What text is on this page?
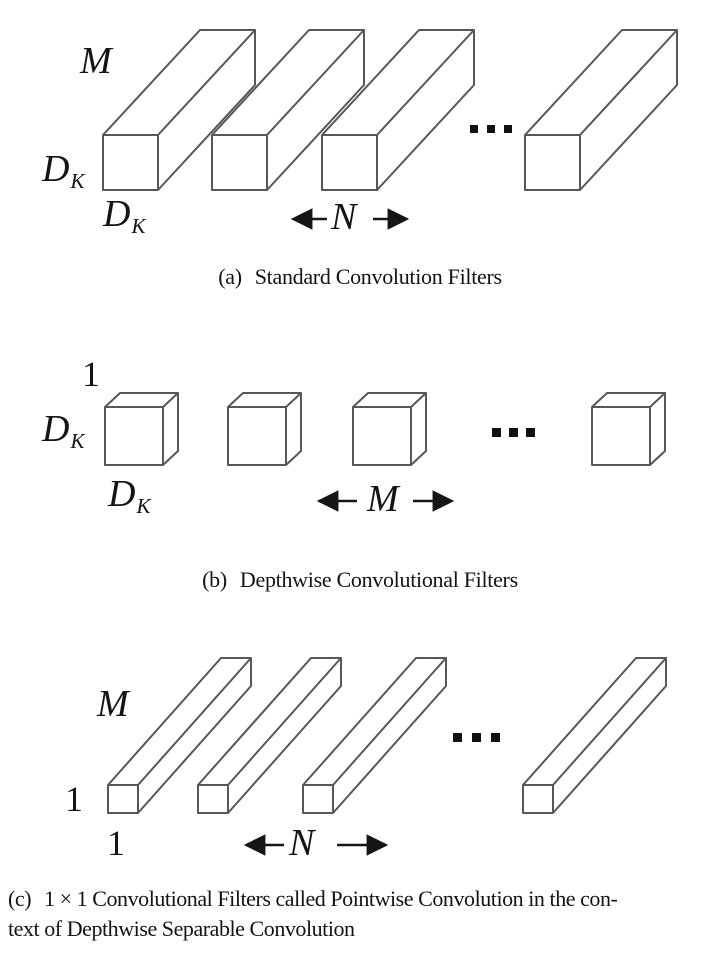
M
$D_K$
$D_K$	N
(a) Standard Convolution Filters
1
$D_K$
$D_K$	M
(b) Depthwise Convolutional Filters
M
1
1	N
(c) 1 × 1 Convolutional Filters called Pointwise Convolution in the con-
text of Depthwise Separable Convolution
